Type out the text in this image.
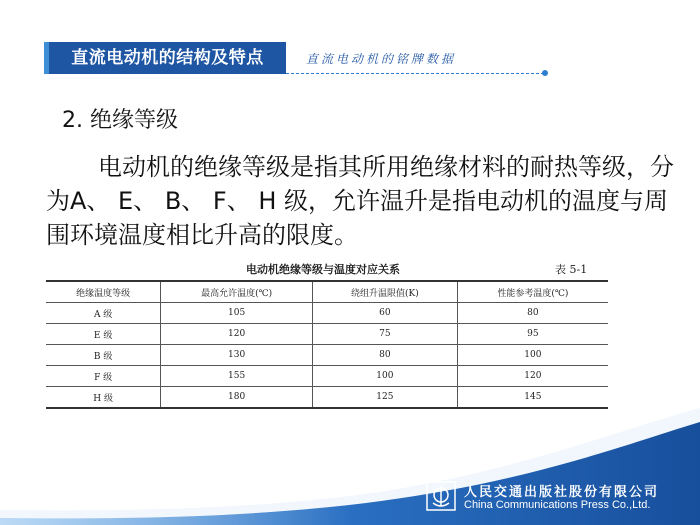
直流电动机的结构及特点	直流电动机的铭牌数据
2. 绝缘等级
电动机的绝缘等级是指其所用绝缘材料的耐热等级，分为A、 E、 B、 F、 H 级，允许温升是指电动机的温度与周围环境温度相比升高的限度。
电动机绝缘等级与温度对应关系	表 5-1
绝缘温度等级	最高允许温度(℃)	绕组升温限值(K)	性能参考温度(℃)
A 级	105	60	80
E 级	120	75	95
B 级	130	80	100
F 级	155	100	120
H 级	180	125	145
人民交通出版社股份有限公司
China Communications Press Co.,Ltd.
